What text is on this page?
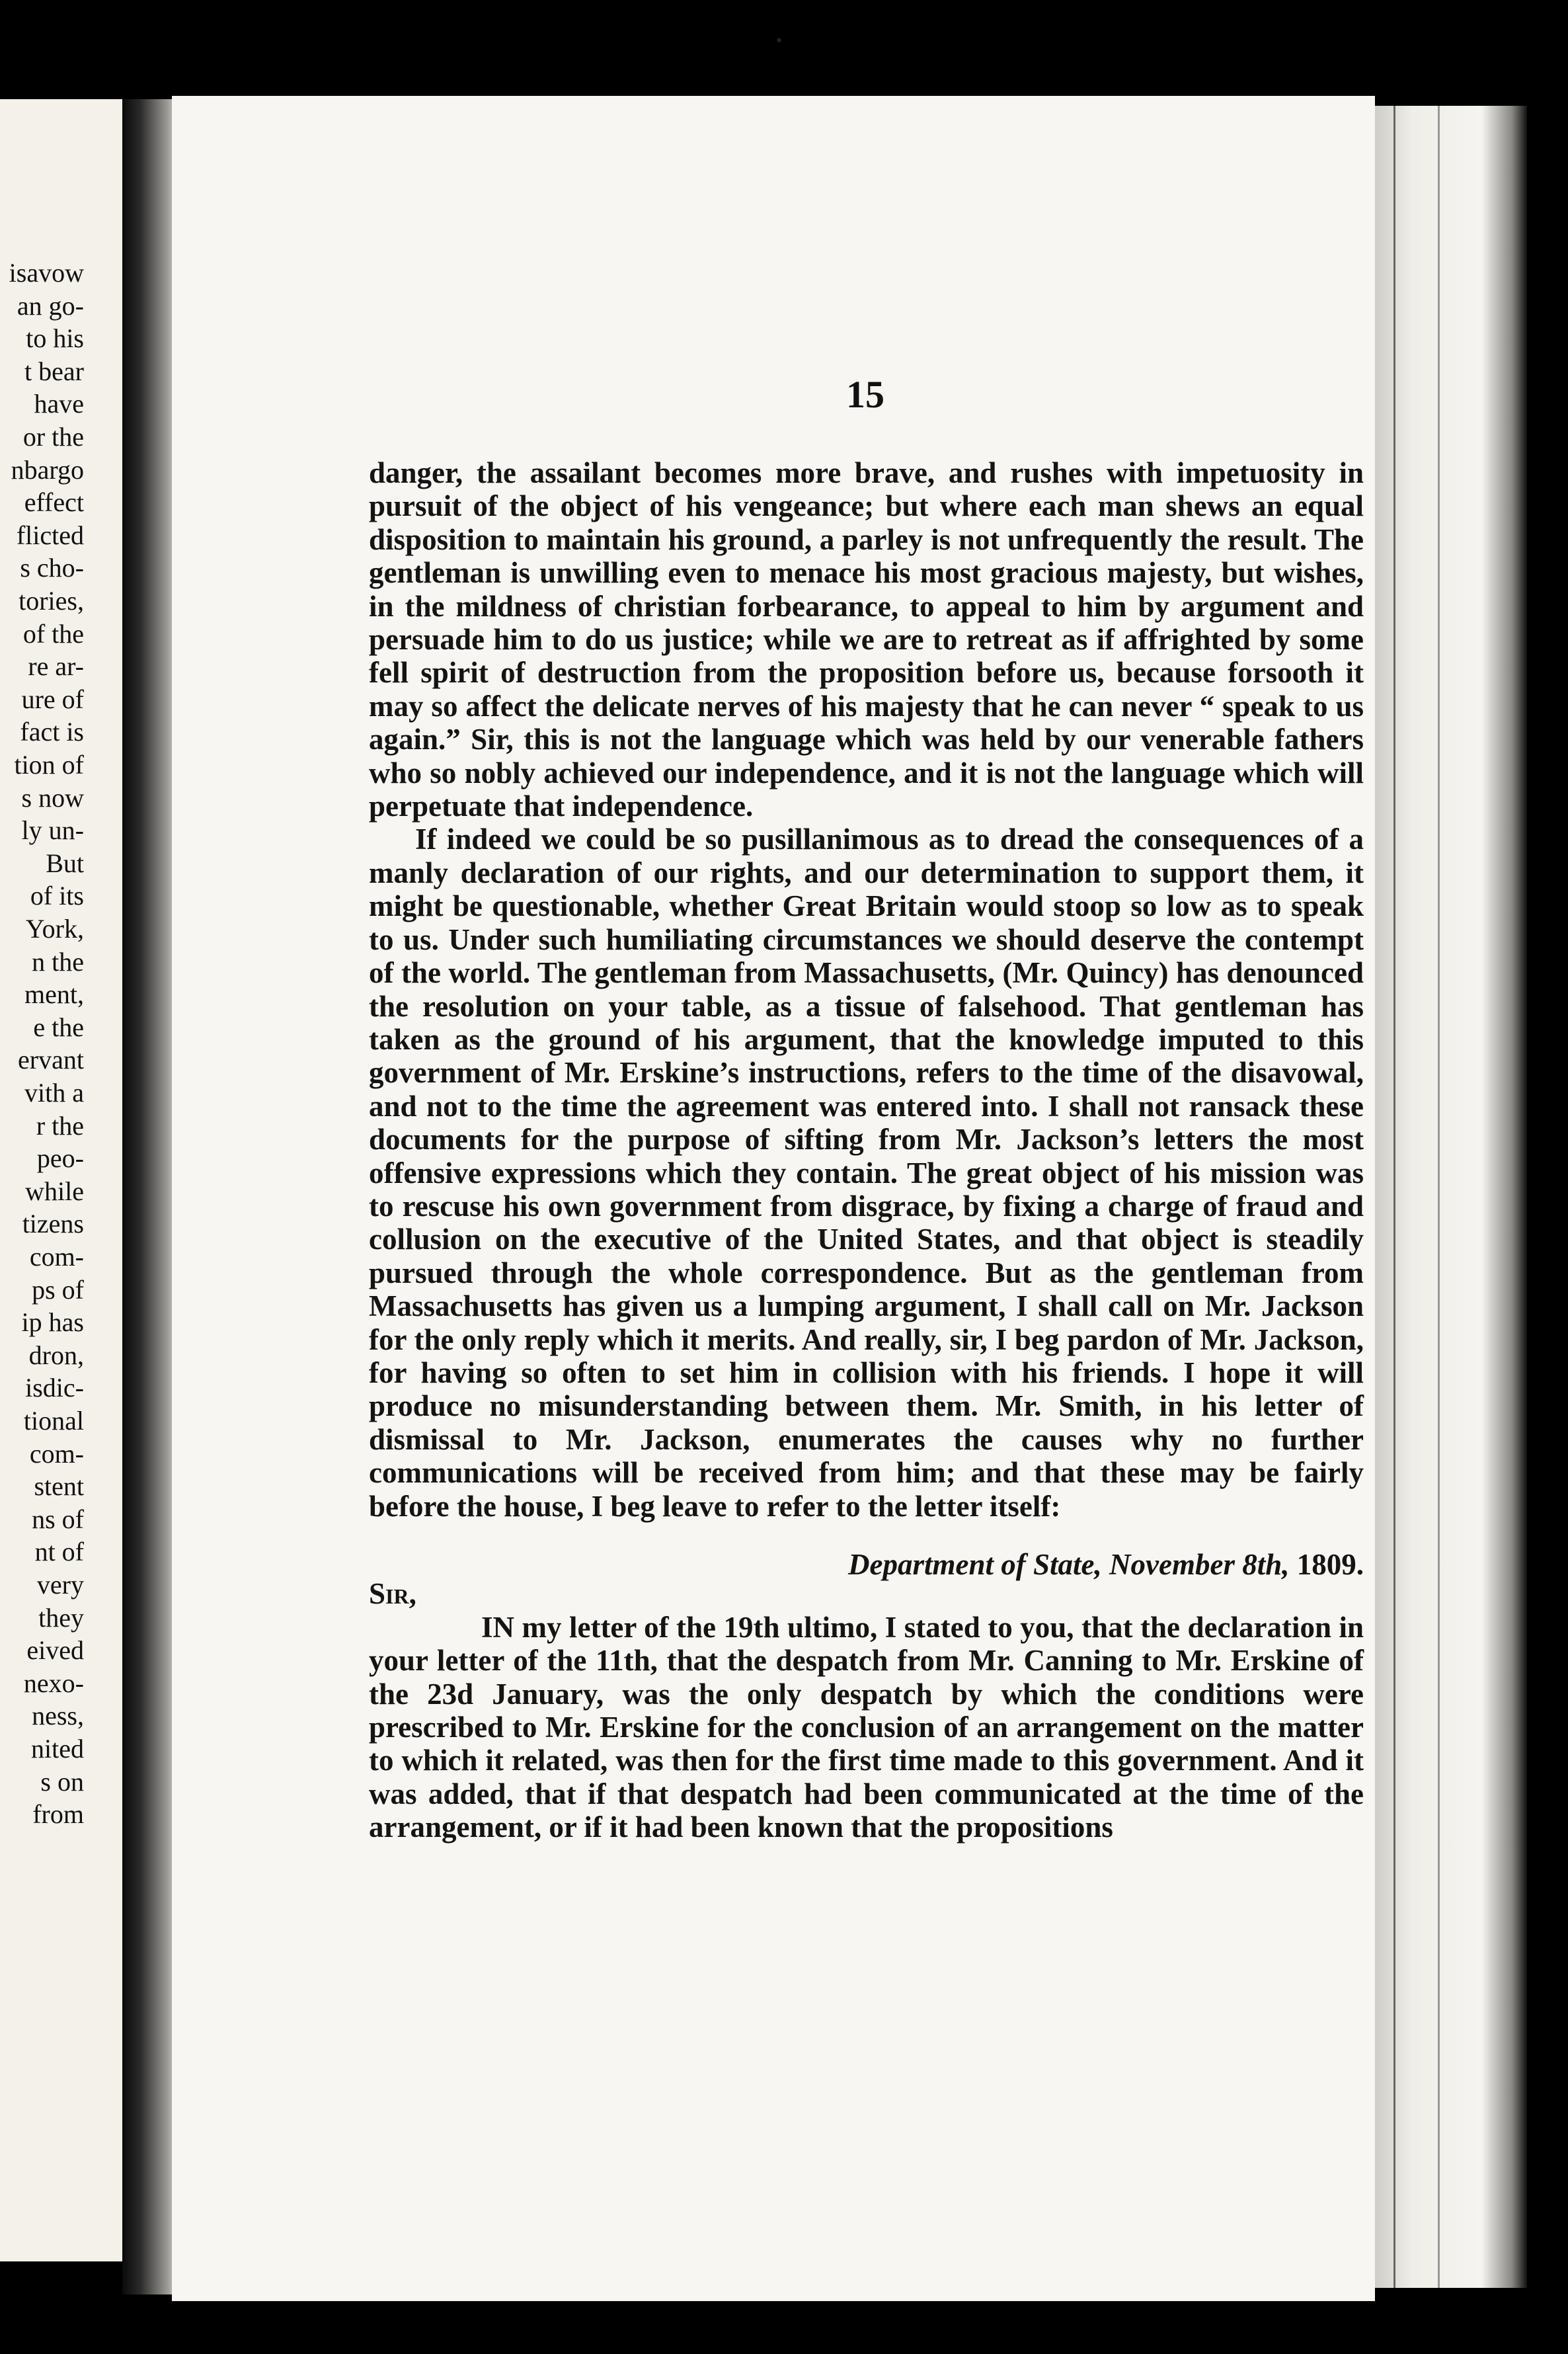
isavow
an go-
to his
t bear
have
or the
nbargo
effect
flicted
s cho-
tories,
of the
re ar-
ure of
fact is
tion of
s now
ly un-
But
of its
York,
n the
ment,
e the
ervant
vith a
r the
peo-
while
tizens
com-
ps of
ip has
dron,
isdic-
tional
com-
stent
ns of
nt of
very
they
eived
nexo-
ness,
nited
s on
from
15

danger, the assailant becomes more brave, and rushes with impetuosity in pursuit of the object of his vengeance; but where each man shews an equal disposition to maintain his ground, a parley is not unfrequently the result. The gentleman is unwilling even to menace his most gracious majesty, but wishes, in the mildness of christian forbearance, to appeal to him by argument and persuade him to do us justice; while we are to retreat as if affrighted by some fell spirit of destruction from the proposition before us, because forsooth it may so affect the delicate nerves of his majesty that he can never “ speak to us again.” Sir, this is not the language which was held by our venerable fathers who so nobly achieved our independence, and it is not the language which will perpetuate that independence.

If indeed we could be so pusillanimous as to dread the consequences of a manly declaration of our rights, and our determination to support them, it might be questionable, whether Great Britain would stoop so low as to speak to us. Under such humiliating circumstances we should deserve the contempt of the world. The gentleman from Massachusetts, (Mr. Quincy) has denounced the resolution on your table, as a tissue of falsehood. That gentleman has taken as the ground of his argument, that the knowledge imputed to this government of Mr. Erskine’s instructions, refers to the time of the disavowal, and not to the time the agreement was entered into. I shall not ransack these documents for the purpose of sifting from Mr. Jackson’s letters the most offensive expressions which they contain. The great object of his mission was to rescuse his own government from disgrace, by fixing a charge of fraud and collusion on the executive of the United States, and that object is steadily pursued through the whole correspondence. But as the gentleman from Massachusetts has given us a lumping argument, I shall call on Mr. Jackson for the only reply which it merits. And really, sir, I beg pardon of Mr. Jackson, for having so often to set him in collision with his friends. I hope it will produce no misunderstanding between them. Mr. Smith, in his letter of dismissal to Mr. Jackson, enumerates the causes why no further communications will be received from him; and that these may be fairly before the house, I beg leave to refer to the letter itself:

Department of State, November 8th, 1809.

Sir,

IN my letter of the 19th ultimo, I stated to you, that the declaration in your letter of the 11th, that the despatch from Mr. Canning to Mr. Erskine of the 23d January, was the only despatch by which the conditions were prescribed to Mr. Erskine for the conclusion of an arrangement on the matter to which it related, was then for the first time made to this government. And it was added, that if that despatch had been communicated at the time of the arrangement, or if it had been known that the propositions

•
